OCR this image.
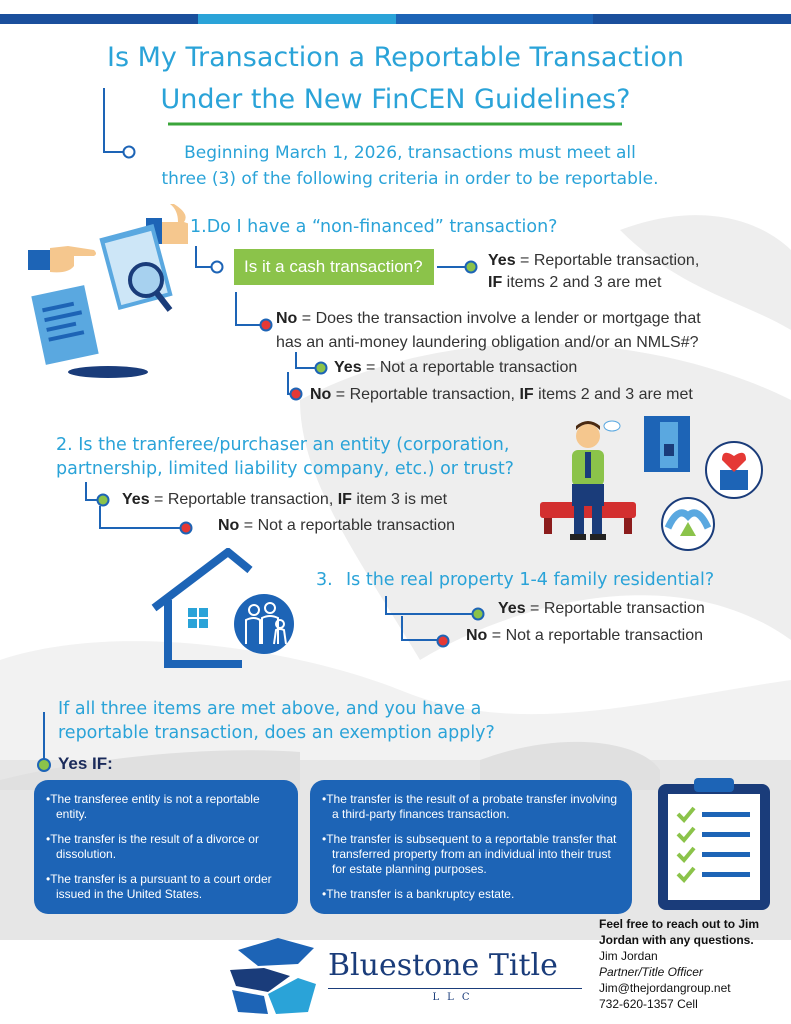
Is My Transaction a Reportable Transaction
Under the New FinCEN Guidelines?
Beginning March 1, 2026, transactions must meet all
three (3) of the following criteria in order to be reportable.
1.Do I have a “non-financed” transaction?
Is it a cash transaction?	Yes = Reportable transaction,
IF items 2 and 3 are met
No = Does the transaction involve a lender or mortgage that
has an anti-money laundering obligation and/or an NMLS#?
Yes = Not a reportable transaction
No = Reportable transaction, IF items 2 and 3 are met
2. Is the tranferee/purchaser an entity (corporation,
partnership, limited liability company, etc.) or trust?
Yes = Reportable transaction, IF item 3 is met
No = Not a reportable transaction
3. Is the real property 1-4 family residential?
Yes = Reportable transaction
No = Not a reportable transaction
If all three items are met above, and you have a
reportable transaction, does an exemption apply?
Yes IF:
•The transferee entity is not a reportable entity.
•The transfer is the result of a divorce or dissolution.
•The transfer is a pursuant to a court order issued in the United States.
•The transfer is the result of a probate transfer involving a third-party finances transaction.
•The transfer is subsequent to a reportable transfer that transferred property from an individual into their trust for estate planning purposes.
•The transfer is a bankruptcy estate.
Bluestone Title
LLC
Feel free to reach out to Jim Jordan with any questions.
Jim Jordan
Partner/Title Officer
Jim@thejordangroup.net
732-620-1357 Cell
